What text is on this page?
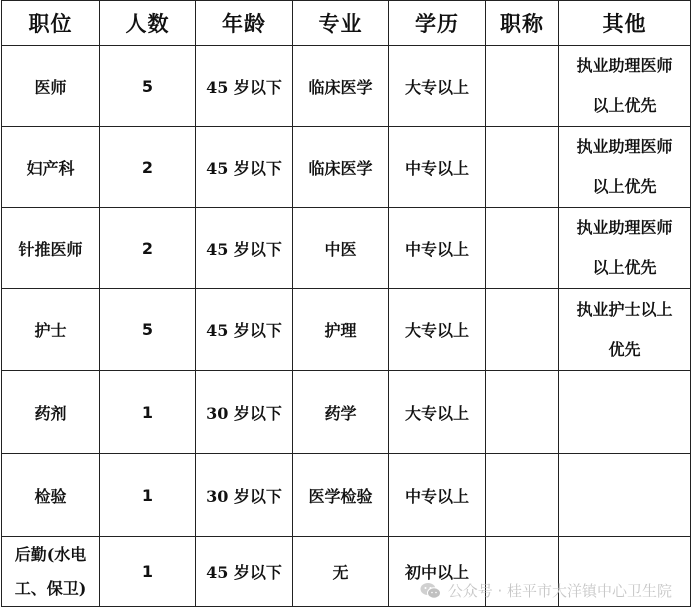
职位	人数	年龄	专业	学历	职称	其他
医师	5	45 岁以下	临床医学	大专以上		执业助理医师
以上优先
妇产科	2	45 岁以下	临床医学	中专以上		执业助理医师
以上优先
针推医师	2	45 岁以下	中医	中专以上		执业助理医师
以上优先
护士	5	45 岁以下	护理	大专以上		执业护士以上
优先
药剂	1	30 岁以下	药学	大专以上		
检验	1	30 岁以下	医学检验	中专以上		
后勤(水电
工、保卫)	1	45 岁以下	无	初中以上		
公众号 · 桂平市大洋镇中心卫生院
